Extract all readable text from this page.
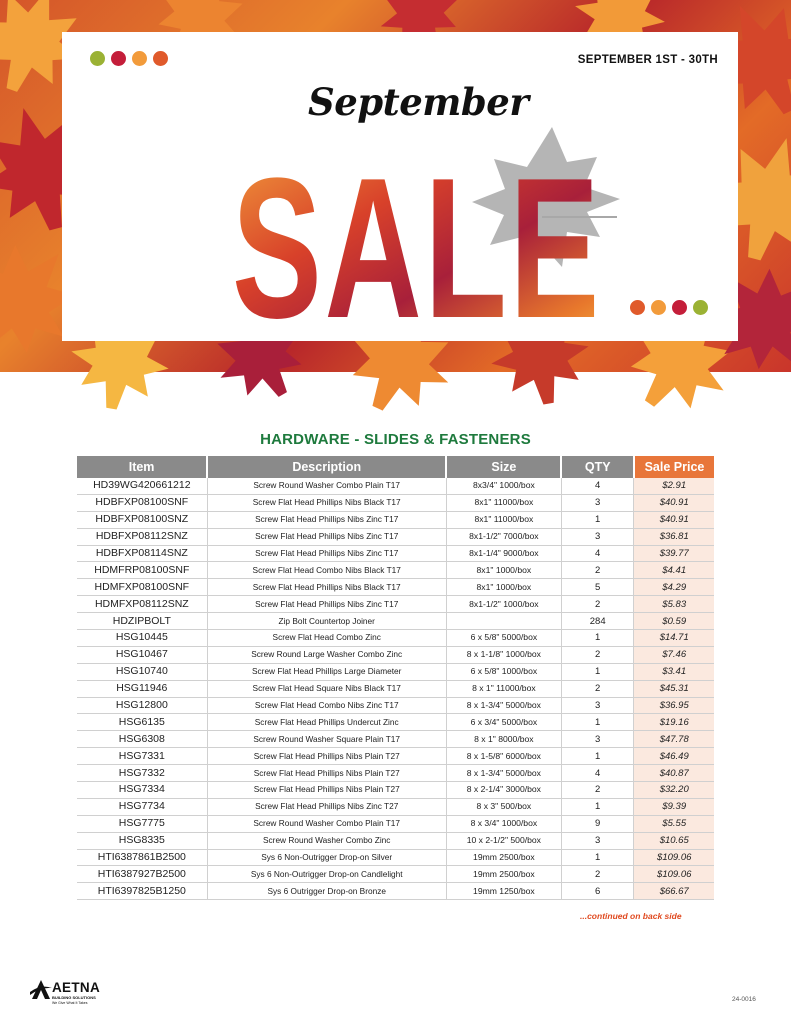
SEPTEMBER 1ST - 30TH
SALE
September
HARDWARE - SLIDES & FASTENERS
Item	Description	Size	QTY	Sale Price
HD39WG420661212	Screw Round Washer Combo Plain T17	8x3/4" 1000/box	4	$2.91
HDBFXP08100SNF	Screw Flat Head Phillips Nibs Black T17	8x1" 11000/box	3	$40.91
HDBFXP08100SNZ	Screw Flat Head Phillips Nibs Zinc T17	8x1" 11000/box	1	$40.91
HDBFXP08112SNZ	Screw Flat Head Phillips Nibs Zinc T17	8x1-1/2" 7000/box	3	$36.81
HDBFXP08114SNZ	Screw Flat Head Phillips Nibs Zinc T17	8x1-1/4" 9000/box	4	$39.77
HDMFRP08100SNF	Screw Flat Head Combo Nibs Black T17	8x1" 1000/box	2	$4.41
HDMFXP08100SNF	Screw Flat Head Phillips Nibs Black T17	8x1" 1000/box	5	$4.29
HDMFXP08112SNZ	Screw Flat Head Phillips Nibs Zinc T17	8x1-1/2" 1000/box	2	$5.83
HDZIPBOLT	Zip Bolt Countertop Joiner		284	$0.59
HSG10445	Screw Flat Head Combo Zinc	6 x 5/8" 5000/box	1	$14.71
HSG10467	Screw Round Large Washer Combo Zinc	8 x 1-1/8" 1000/box	2	$7.46
HSG10740	Screw Flat Head Phillips Large Diameter	6 x 5/8" 1000/box	1	$3.41
HSG11946	Screw Flat Head Square Nibs Black T17	8 x 1" 11000/box	2	$45.31
HSG12800	Screw Flat Head Combo Nibs Zinc T17	8 x 1-3/4" 5000/box	3	$36.95
HSG6135	Screw Flat Head Phillips Undercut Zinc	6 x 3/4" 5000/box	1	$19.16
HSG6308	Screw Round Washer Square Plain T17	8 x 1" 8000/box	3	$47.78
HSG7331	Screw Flat Head Phillips Nibs Plain T27	8 x 1-5/8" 6000/box	1	$46.49
HSG7332	Screw Flat Head Phillips Nibs Plain T27	8 x 1-3/4" 5000/box	4	$40.87
HSG7334	Screw Flat Head Phillips Nibs Plain T27	8 x 2-1/4" 3000/box	2	$32.20
HSG7734	Screw Flat Head Phillips Nibs Zinc T27	8 x 3" 500/box	1	$9.39
HSG7775	Screw Round Washer Combo Plain T17	8 x 3/4" 1000/box	9	$5.55
HSG8335	Screw Round Washer Combo Zinc	10 x 2-1/2" 500/box	3	$10.65
HTI6387861B2500	Sys 6 Non-Outrigger Drop-on Silver	19mm 2500/box	1	$109.06
HTI6387927B2500	Sys 6 Non-Outrigger Drop-on Candlelight	19mm 2500/box	2	$109.06
HTI6397825B1250	Sys 6 Outrigger Drop-on Bronze	19mm 1250/box	6	$66.67
...continued on back side
AETNA
BUILDING SOLUTIONS
We Give What It Takes	24-0016
